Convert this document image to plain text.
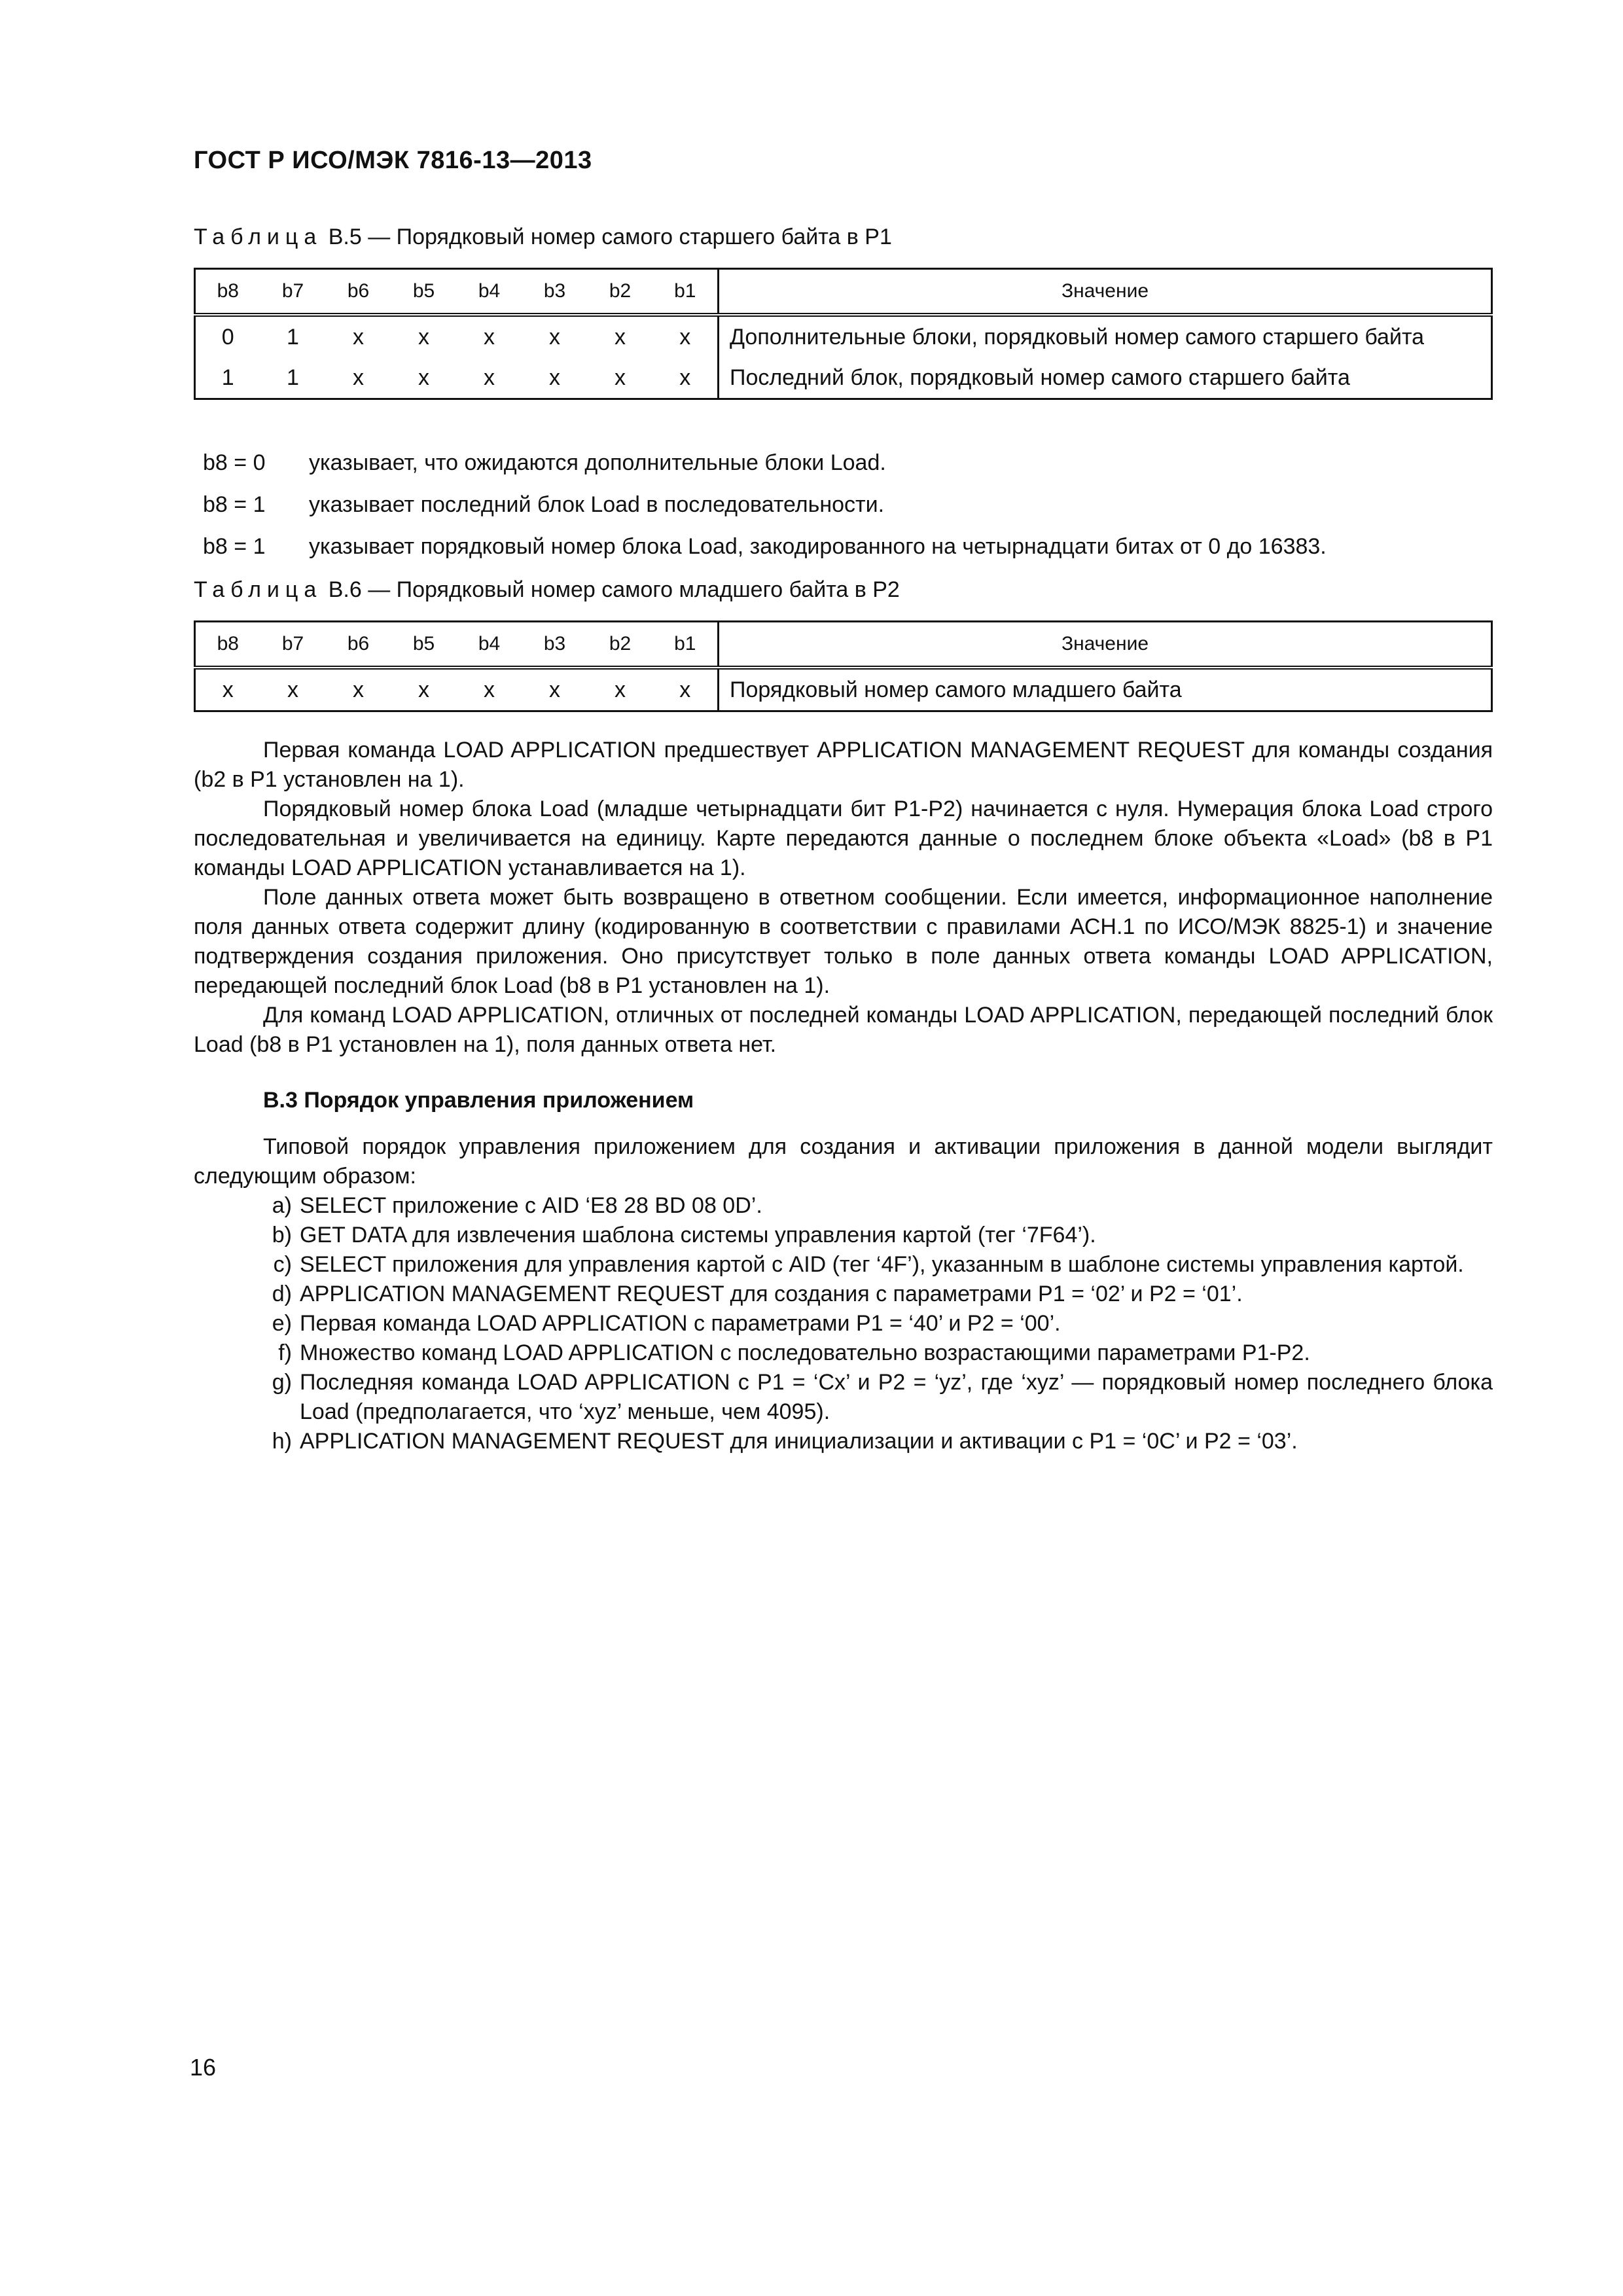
ГОСТ Р ИСО/МЭК 7816-13—2013

Таблица В.5 — Порядковый номер самого старшего байта в Р1

b8	b7	b6	b5	b4	b3	b2	b1	Значение
0	1	x	x	x	x	x	x	Дополнительные блоки, порядковый номер самого старшего байта
1	1	x	x	x	x	x	x	Последний блок, порядковый номер самого старшего байта
b8 = 0	указывает, что ожидаются дополнительные блоки Load.
b8 = 1	указывает последний блок Load в последовательности.
b8 = 1	указывает порядковый номер блока Load, закодированного на четырнадцати битах от 0 до 16383.

Таблица В.6 — Порядковый номер самого младшего байта в Р2

b8	b7	b6	b5	b4	b3	b2	b1	Значение
x	x	x	x	x	x	x	x	Порядковый номер самого младшего байта

Первая команда LOAD APPLICATION предшествует APPLICATION MANAGEMENT REQUEST для команды создания (b2 в Р1 установлен на 1).

Порядковый номер блока Load (младше четырнадцати бит Р1-Р2) начинается с нуля. Нумерация блока Load строго последовательная и увеличивается на единицу. Карте передаются данные о последнем блоке объекта «Load» (b8 в Р1 команды LOAD APPLICATION устанавливается на 1).

Поле данных ответа может быть возвращено в ответном сообщении. Если имеется, информационное наполнение поля данных ответа содержит длину (кодированную в соответствии с правилами АСН.1 по ИСО/МЭК 8825-1) и значение подтверждения создания приложения. Оно присутствует только в поле данных ответа команды LOAD APPLICATION, передающей последний блок Load (b8 в Р1 установлен на 1).

Для команд LOAD APPLICATION, отличных от последней команды LOAD APPLICATION, передающей последний блок Load (b8 в Р1 установлен на 1), поля данных ответа нет.

В.3 Порядок управления приложением

Типовой порядок управления приложением для создания и активации приложения в данной модели выглядит следующим образом:

a) SELECT приложение с AID ‘E8 28 BD 08 0D’.
b) GET DATA для извлечения шаблона системы управления картой (тег ‘7F64’).
c) SELECT приложения для управления картой с AID (тег ‘4F’), указанным в шаблоне системы управления картой.
d) APPLICATION MANAGEMENT REQUEST для создания с параметрами Р1 = ‘02’ и Р2 = ‘01’.
e) Первая команда LOAD APPLICATION с параметрами Р1 = ‘40’ и Р2 = ‘00’.
f) Множество команд LOAD APPLICATION с последовательно возрастающими параметрами Р1-Р2.
g) Последняя команда LOAD APPLICATION с Р1 = ‘Cx’ и Р2 = ‘yz’, где ‘xyz’ — порядковый номер последнего блока Load (предполагается, что ‘xyz’ меньше, чем 4095).
h) APPLICATION MANAGEMENT REQUEST для инициализации и активации с Р1 = ‘0C’ и Р2 = ‘03’.
16
